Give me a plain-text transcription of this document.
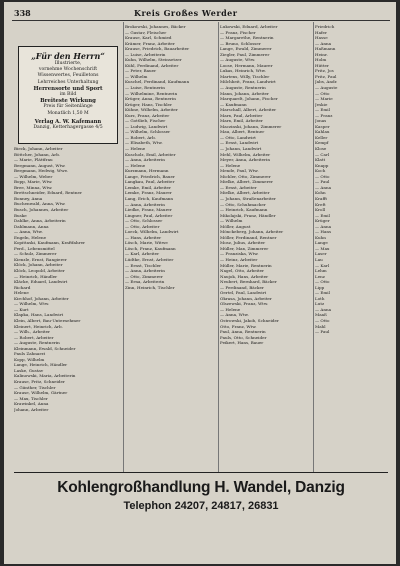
338	Kreis Großes Werder
„Für den Herrn“
Illustrierte,
vornehme Wochenschrift
Wissenwertes, Feuilletons
Lehrreiches Unterhaltung
Herrensorte und Sport
im Bild
Breiteste Wirkung
Preis für Seitenlänge
Monatlich 1,50 M
Verlag A. W. Kafemann
Danzig, Ketterhagergasse 4/5
Bieck, Johann, Arbeiter
Böttcher, Johann, Arb.
— Marie, Plättfrau
Bergmann, August, Wtw.
Bergmann, Hedwig, Wwe.
— Wilhelm, Weber
Bopp, Marie, Wtw.
Bree, Minna, Wtw.
Brettschneider, Eduard, Rentner
Bonney, Anna
Buchenwald, Anna, Wtw.
Busch, Johannes, Arbeiter
Buske
Dahlke, Anna, Arbeiterin
Dahlmann, Anna
— Anna, Wtw.
Engeln, Helene
Kopittaski, Kaufmann, Kraftfahrer
Ferd., Lebensmittel
— Schulz, Zimmerer
Kienzle, Ernst, Rangierer
Klöck, Johann, Arbeiter
Klöck, Leopold, Arbeiter
— Heinrich, Händler
Kläcke, Eduard, Landwirt
Richard
Helene
Kirchhof, Johann, Arbeiter
— Wilhelm, Wtw.
— Kurt
Klapka, Hans, Landwirt
Klein, Albert, Bau-Unternehmer
Kleinert, Heinrich, Arb.
— Wilh., Arbeiter
— Robert, Arbeiter
— Auguste, Rentnerin
Kleinmann, Ewald, Schneider
Pauls Zahnarzt
Kopp, Wilhelm
Lange, Heinrich, Händler
Laske, Gustav
Kalinowski, Maria, Arbeiterin
Krause, Fritz, Schneider
— Günther, Tischler
Krause, Wilhelm, Gärtner
— Max, Tischler
Krawinkel, Anna
Johann, Arbeiter
Brokowski, Johannes, Bäcker
— Gustav, Fleischer
Krause, Karl, Schmied
Krämer, Franz, Arbeiter
Krause, Friedrich, Bauarbeiter
— Luise, Arbeiterin
Kuhn, Wilhelm, Steinsetzer
Kühl, Ferdinand, Arbeiter
— Peter, Bauer
— Wilhelm
Kuschel, Ferdinand, Kaufmann
— Luise, Rentnerin
— Wilhelmine, Rentnerin
Krüger, Anna, Rentnerin
Krüger, Hans, Tischler
Kühne, Wilhelm, Arbeiter
Kurz, Franz, Arbeiter
— Gottlieb, Fischer
— Ludwig, Landwirt
— Wilhelm, Schlosser
— Robert, Arb.
— Elisabeth, Wtw.
— Helene
Kuscholz, Emil, Arbeiter
— Anna, Arbeiterin
— Helene
Kurzmann, Hermann
Lange, Friedrich, Bauer
Langkau, Paul, Arbeiter
Lemke, Emil, Arbeiter
Lemke, Franz, Maurer
Lang, Erich, Kaufmann
— Anna, Arbeiterin
Liedke, Franz, Maurer
Lingner, Paul, Arbeiter
— Otto, Schlosser
— Otto, Arbeiter
Loeck, Wilhelm, Landwirt
— Hans, Arbeiter
Lösch, Marie, Witwe
Lösch, Franz, Kaufmann
— Karl, Arbeiter
Lüdtke, Ernst, Arbeiter
— Ernst, Tischler
— Anna, Arbeiterin
— Otto, Zimmerer
— Erna, Arbeiterin
Zinn, Heinrich, Tischler
Lukowski, Eduard, Arbeiter
— Franz, Fischer
— Margarethe, Rentnerin
— Bruno, Schlosser
Lange, Ewald, Zimmerer
Ziegler, Paul, Zimmerer
— Auguste, Wtw.
Loose, Hermann, Maurer
Lukas, Heinrich, Wtw.
Martens, Willy, Tischler
Milchheit, Franz, Landwirt
— Auguste, Rentnerin
Mann, Johann, Arbeiter
Marquardt, Johann, Fischer
— Kaufmann
Marschall, Albert, Arbeiter
Marx, Paul, Arbeiter
Marx, Emil, Arbeiter
Maczinski, Johann, Zimmerer
Mau, Albert, Rentner
— Otto, Landwirt
— Ernst, Landwirt
— Johann, Landwirt
Mehl, Wilhelm, Arbeiter
Meyer, Anna, Arbeiterin
— Helene
Mende, Paul, Wtw.
Michler, Otto, Zimmerer
Mielke, Albert, Zimmerer
— Ernst, Arbeiter
Mielke, Albert, Arbeiter
— Johann, Straßenarbeiter
— Otto, Schuhmacher
— Heinrich, Kaufmann
Mikolajski, Franz, Händler
— Wilhelm
Möller, August
Mönckeberg, Johann, Arbeiter
Möller, Ferdinand, Rentner
Mosz, Julius, Arbeiter
Müller, Max, Zimmerer
— Franziska, Wtw.
— Heinz, Arbeiter
Müller, Marie, Rentnerin
Nagel, Otto, Arbeiter
Naujok, Hans, Arbeiter
Neubert, Bernhard, Bäcker
— Ferdinand, Bäcker
Oertel, Paul, Landwirt
Okrasa, Johann, Arbeiter
Olszewski, Franz, Wtw.
— Helene
— Anna, Wtw.
Ostrowski, Jakob, Schneider
Otto, Franz, Wtw.
Paul, Anna, Rentnerin
Pauls, Otto, Schneider
Peikert, Hans, Bauer
Friedrich
Hafer
Hasse
— Anna
Haßmann
Heinr.
Holm
Hütter
Fritz, Jos
Fritz, Paul
Jabs, Andr.
— Auguste
— Otto
— Marie
Jeskie
— Emil
— Franz
Jonas
Kasper
Kahlau
Keller
Kempf
Klose
— Carl
Klatt
Knapp
Koch
— Otto
— Paul
— Anna
Kohn
Krafft
Kreft
Kroll
— Emil
Krüger
— Anna
— Hans
Kuhn
Lange
— Max
Laser
Lau
— Karl
Lehm
Lenz
— Otto
Lipp
— Emil
Loth
Lutz
— Anna
Maaß
— Otto
Mahl
— Paul
Kohlengroßhandlung H. Wandel, Danzig
Telephon 24207, 24817, 26831
